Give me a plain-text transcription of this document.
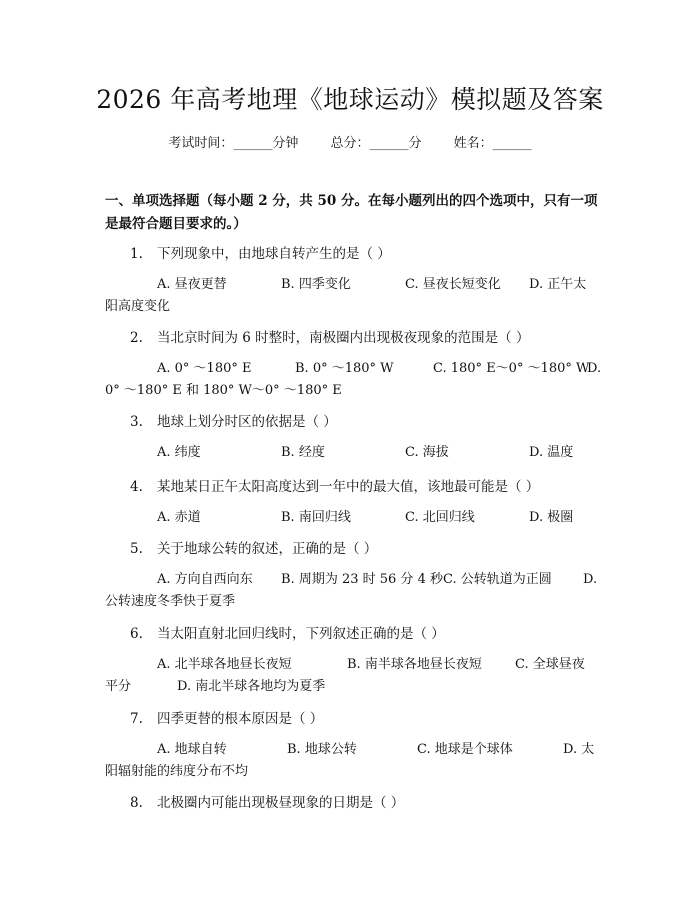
2026 年高考地理《地球运动》模拟题及答案
考试时间：______分钟 总分：______分 姓名：______
一、单项选择题（每小题 2 分，共 50 分。在每小题列出的四个选项中，只有一项是最符合题目要求的。）
1. 下列现象中，由地球自转产生的是（ ）
A. 昼夜更替	B. 四季变化	C. 昼夜长短变化 D. 正午太
阳高度变化
2. 当北京时间为 6 时整时，南极圈内出现极夜现象的范围是（ ）
A. 0° ～180° E	B. 0° ～180° W	C. 180° E～0° ～180° W
D.
0° ～180° E 和 180° W～0° ～180° E
3. 地球上划分时区的依据是（ ）
A. 纬度	B. 经度	C. 海拔	D. 温度
4. 某地某日正午太阳高度达到一年中的最大值，该地最可能是（ ）
A. 赤道	B. 南回归线	C. 北回归线	D. 极圈
5. 关于地球公转的叙述，正确的是（ ）
A. 方向自西向东 B. 周期为 23 时 56 分 4 秒 C. 公转轨道为正圆 D.
公转速度冬季快于夏季
6. 当太阳直射北回归线时，下列叙述正确的是（ ）
A. 北半球各地昼长夜短	B. 南半球各地昼长夜短	C. 全球昼夜
平分	D. 南北半球各地均为夏季
7. 四季更替的根本原因是（ ）
A. 地球自转	B. 地球公转	C. 地球是个球体	D. 太
阳辐射能的纬度分布不均
8. 北极圈内可能出现极昼现象的日期是（ ）
